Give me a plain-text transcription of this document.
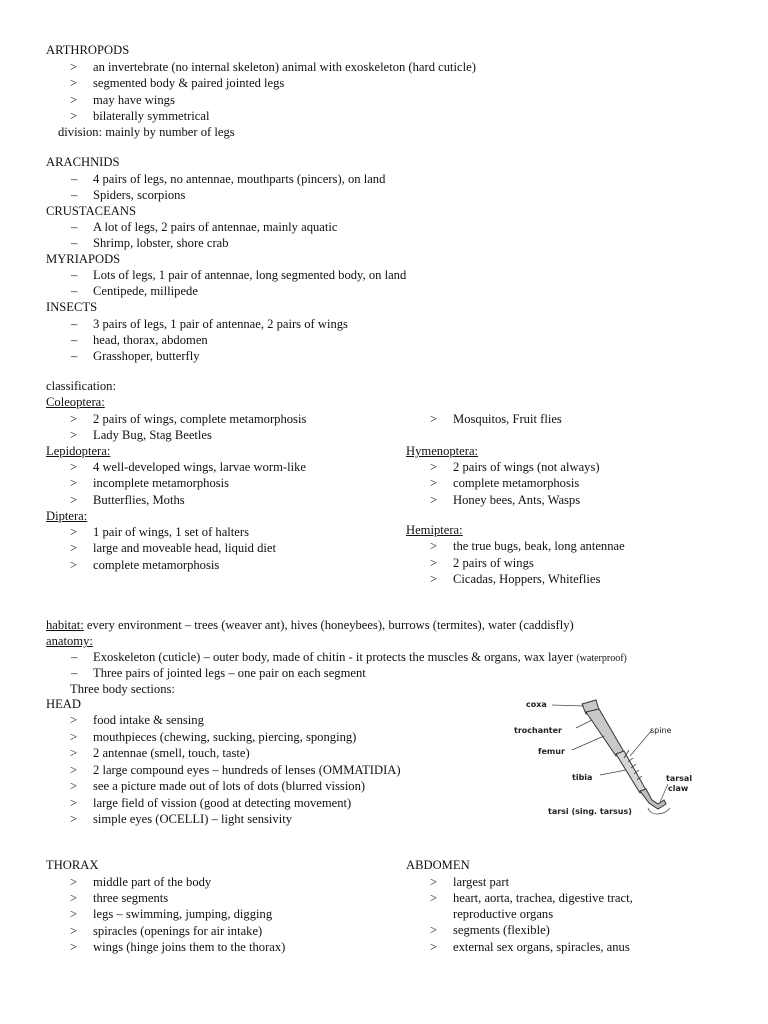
ARTHROPODS
> an invertebrate (no internal skeleton) animal with exoskeleton (hard cuticle)
> segmented body & paired jointed legs
> may have wings
> bilaterally symmetrical
division: mainly by number of legs
ARACHNIDS
– 4 pairs of legs, no antennae, mouthparts (pincers), on land
– Spiders, scorpions
CRUSTACEANS
– A lot of legs, 2 pairs of antennae, mainly aquatic
– Shrimp, lobster, shore crab
MYRIAPODS
– Lots of legs, 1 pair of antennae, long segmented body, on land
– Centipede, millipede
INSECTS
– 3 pairs of legs, 1 pair of antennae, 2 pairs of wings
– head, thorax, abdomen
– Grasshoper, butterfly
classification:
Coleoptera:
> 2 pairs of wings, complete metamorphosis
> Lady Bug, Stag Beetles
Lepidoptera:
> 4 well-developed wings, larvae worm-like
> incomplete metamorphosis
> Butterflies, Moths
Diptera:
> 1 pair of wings, 1 set of halters
> large and moveable head, liquid diet
> complete metamorphosis
> Mosquitos, Fruit flies
Hymenoptera:
> 2 pairs of wings (not always)
> complete metamorphosis
> Honey bees, Ants, Wasps
Hemiptera:
> the true bugs, beak, long antennae
> 2 pairs of wings
> Cicadas, Hoppers, Whiteflies
habitat: every environment – trees (weaver ant), hives (honeybees), burrows (termites), water (caddisfly)
anatomy:
– Exoskeleton (cuticle) – outer body, made of chitin - it protects the muscles & organs, wax layer (waterproof)
– Three pairs of jointed legs – one pair on each segment
Three body sections:
HEAD
> food intake & sensing
> mouthpieces (chewing, sucking, piercing, sponging)
> 2 antennae (smell, touch, taste)
> 2 large compound eyes – hundreds of lenses (OMMATIDIA)
> see a picture made out of lots of dots (blurred vission)
> large field of vission (good at detecting movement)
> simple eyes (OCELLI) – light sensivity
coxa
trochanter
femur
tibia
spine
tarsal
claw
tarsi (sing. tarsus)
THORAX
> middle part of the body
> three segments
> legs – swimming, jumping, digging
> spiracles (openings for air intake)
> wings (hinge joins them to the thorax)
ABDOMEN
> largest part
> heart, aorta, trachea, digestive tract,
reproductive organs
> segments (flexible)
> external sex organs, spiracles, anus
